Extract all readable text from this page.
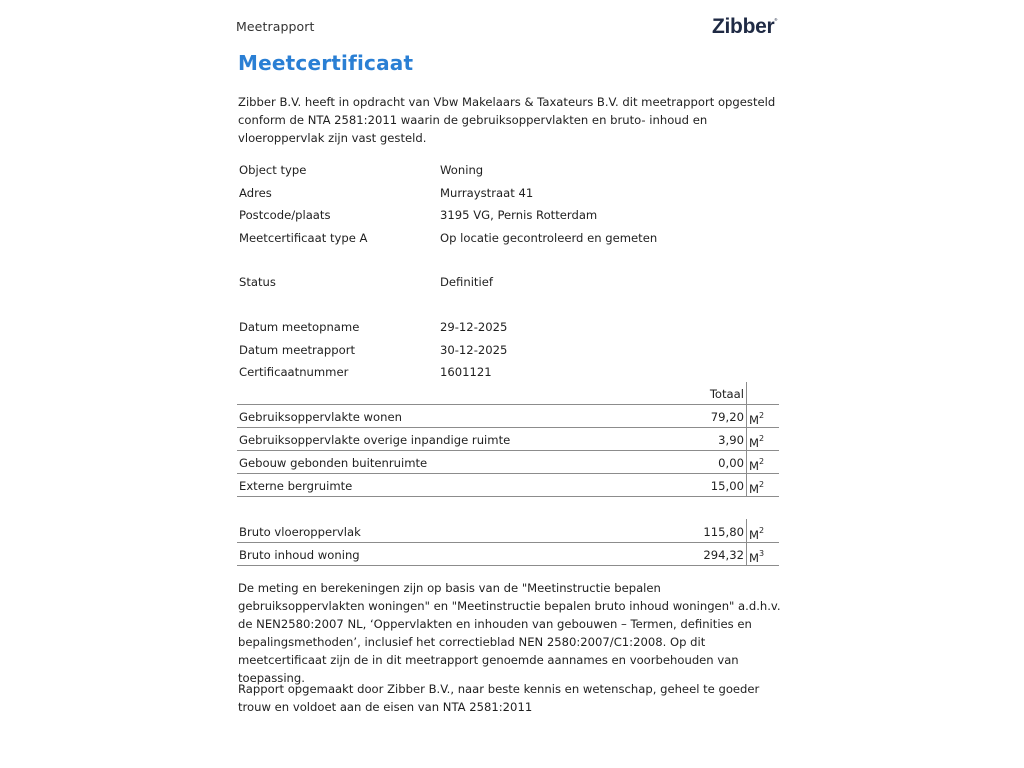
Meetrapport	Zibber®
Meetcertificaat

Zibber B.V. heeft in opdracht van Vbw Makelaars & Taxateurs B.V. dit meetrapport opgesteld conform de NTA 2581:2011 waarin de gebruiksoppervlakten en bruto- inhoud en vloeroppervlak zijn vast gesteld.

Object type	Woning
Adres	Murraystraat 41
Postcode/plaats	3195 VG, Pernis Rotterdam
Meetcertificaat type A	Op locatie gecontroleerd en gemeten
Status	Definitief
Datum meetopname	29-12-2025
Datum meetrapport	30-12-2025
Certificaatnummer	1601121
Totaal
Gebruiksoppervlakte wonen	79,20 $M^2$
Gebruiksoppervlakte overige inpandige ruimte	3,90 $M^2$
Gebouw gebonden buitenruimte	0,00 $M^2$
Externe bergruimte	15,00 $M^2$
Bruto vloeroppervlak	115,80 $M^2$
Bruto inhoud woning	294,32 $M^3$

De meting en berekeningen zijn op basis van de "Meetinstructie bepalen gebruiksoppervlakten woningen" en "Meetinstructie bepalen bruto inhoud woningen" a.d.h.v. de NEN2580:2007 NL, ‘Oppervlakten en inhouden van gebouwen – Termen, definities en bepalingsmethoden’, inclusief het correctieblad NEN 2580:2007/C1:2008. Op dit meetcertificaat zijn de in dit meetrapport genoemde aannames en voorbehouden van toepassing.

Rapport opgemaakt door Zibber B.V., naar beste kennis en wetenschap, geheel te goeder trouw en voldoet aan de eisen van NTA 2581:2011
